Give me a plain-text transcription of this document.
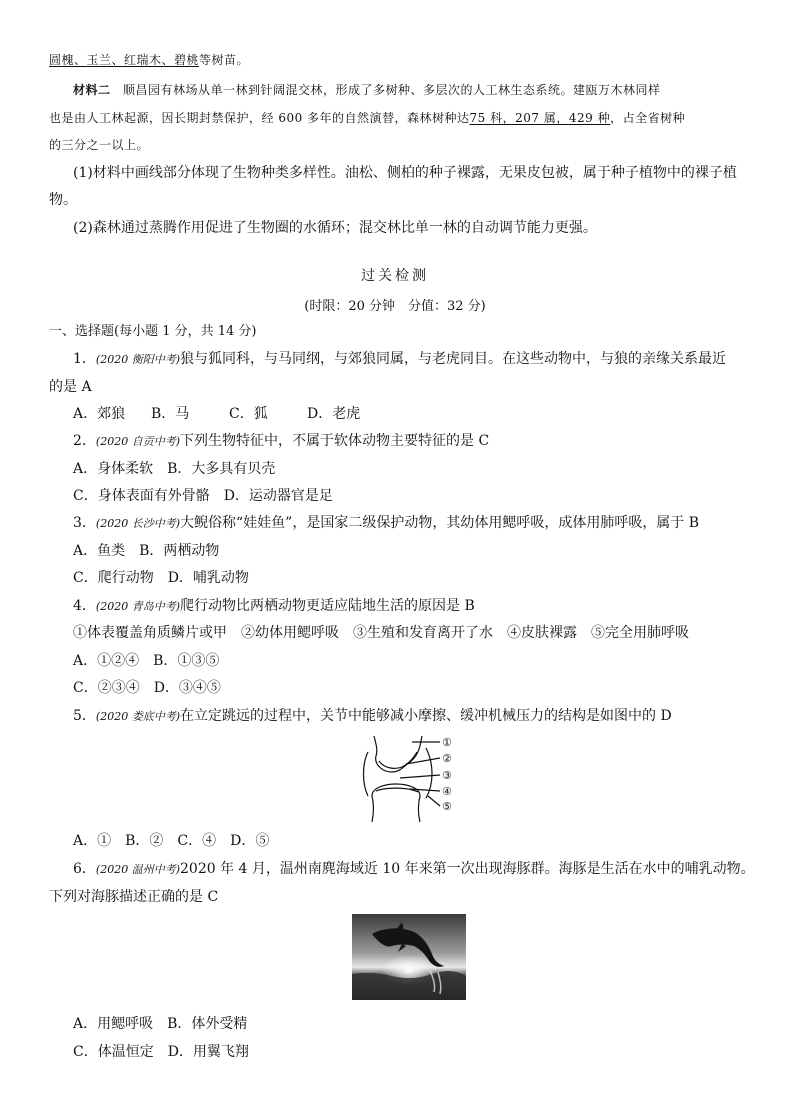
圆槐、玉兰、红瑞木、碧桃等树苗。
材料二　 顺昌园有林场从单一林到针阔混交林，形成了多树种、多层次的人工林生态系统。建瓯万木林同样
也是由人工林起源，因长期封禁保护，经 600 多年的自然演替，森林树种达75 科，207 属，429 种，占全省树种
的三分之一以上。
(1)材料中画线部分体现了生物种类多样性。油松、侧柏的种子裸露，无果皮包被，属于种子植物中的裸子植
物。
(2)森林通过蒸腾作用促进了生物圈的水循环；混交林比单一林的自动调节能力更强。
过关检测
(时限：20 分钟　分值：32 分)
一、选择题(每小题 1 分，共 14 分)
1．(2020 衡阳中考)狼与狐同科，与马同纲，与郊狼同属，与老虎同目。在这些动物中，与狼的亲缘关系最近
的是 A
A．郊狼 B．马	C．狐	D．老虎
2．(2020 自贡中考)下列生物特征中，不属于软体动物主要特征的是 C
A．身体柔软　B．大多具有贝壳
C．身体表面有外骨骼　D．运动器官是足
3．(2020 长沙中考)大鲵俗称“娃娃鱼”，是国家二级保护动物，其幼体用鳃呼吸，成体用肺呼吸，属于 B
A．鱼类　B．两栖动物
C．爬行动物　D．哺乳动物
4．(2020 青岛中考)爬行动物比两栖动物更适应陆地生活的原因是 B
①体表覆盖角质鳞片或甲　②幼体用鳃呼吸　③生殖和发育离开了水　④皮肤裸露　⑤完全用肺呼吸
A．①②④　B．①③⑤
C．②③④　D．③④⑤
5．(2020 娄底中考)在立定跳远的过程中，关节中能够减小摩擦、缓冲机械压力的结构是如图中的 D
①
②
③
④
⑤
A．①　B．②　C．④　D．⑤
6．(2020 温州中考)2020 年 4 月，温州南麂海域近 10 年来第一次出现海豚群。海豚是生活在水中的哺乳动物。
下列对海豚描述正确的是 C
A．用鳃呼吸　B．体外受精
C．体温恒定　D．用翼飞翔
